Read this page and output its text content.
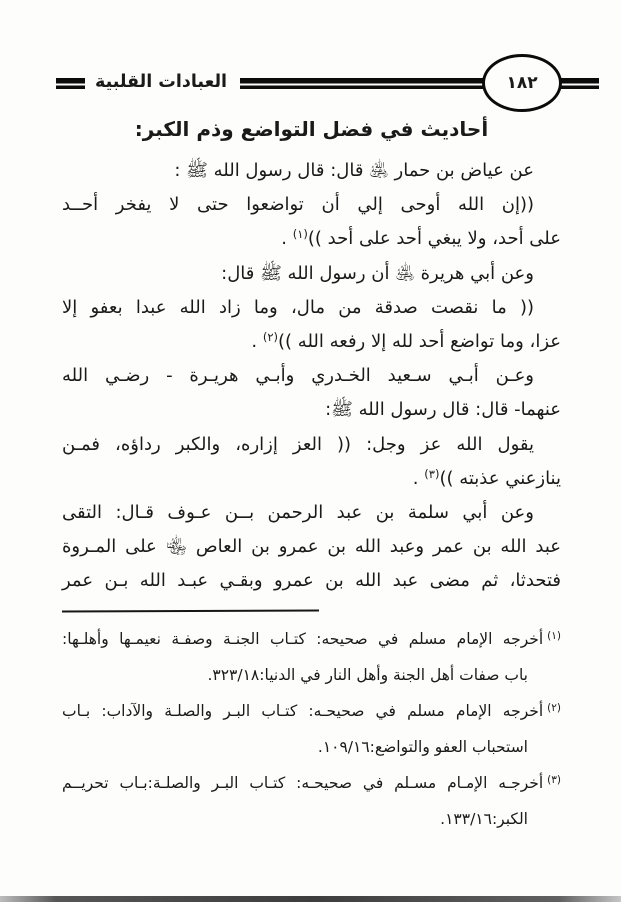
١٨٢
العبادات القلبية
أحاديث في فضل التواضع وذم الكبر:
عن عياض بن حمار ﵁ قال: قال رسول الله ﷺ :
((إن الله أوحى إلي أن تواضعوا حتى لا يفخر أحــد
على أحد، ولا يبغي أحد على أحد ))$^{(١)}$ .
وعن أبي هريرة ﵁ أن رسول الله ﷺ قال:
(( ما نقصت صدقة من مال، وما زاد الله عبدا بعفو إلا
عزا، وما تواضع أحد لله إلا رفعه الله ))$^{(٢)}$ .
وعـن أبـي سـعيد الخـدري وأبـي هريـرة - رضـي الله
عنهما- قال: قال رسول الله ﷺ:
يقول الله عز وجل: (( العز إزاره، والكبر رداؤه، فمـن
ينازعني عذبته ))$^{(٣)}$ .
وعن أبي سلمة بن عبد الرحمن بــن عـوف قـال: التقى
عبد الله بن عمر وعبد الله بن عمرو بن العاص ﵄ على المـروة
فتحدثا، ثم مضى عبد الله بن عمرو وبقـي عبـد الله بـن عمر
$^{(١)}$أخرجه الإمام مسلم في صحيحه: كتـاب الجنـة وصفـة نعيمـها وأهلـها:
باب صفات أهل الجنة وأهل النار في الدنيا:٣٢٣/١٨.
$^{(٢)}$أخرجه الإمام مسلم في صحيحـه: كتـاب البـر والصلـة والآداب: بـاب
استحباب العفو والتواضع:١٠٩/١٦.
$^{(٣)}$أخرجـه الإمـام مسـلم في صحيحـه: كتـاب البـر والصلـة:بـاب تحريــم
الكبر:١٣٣/١٦.
